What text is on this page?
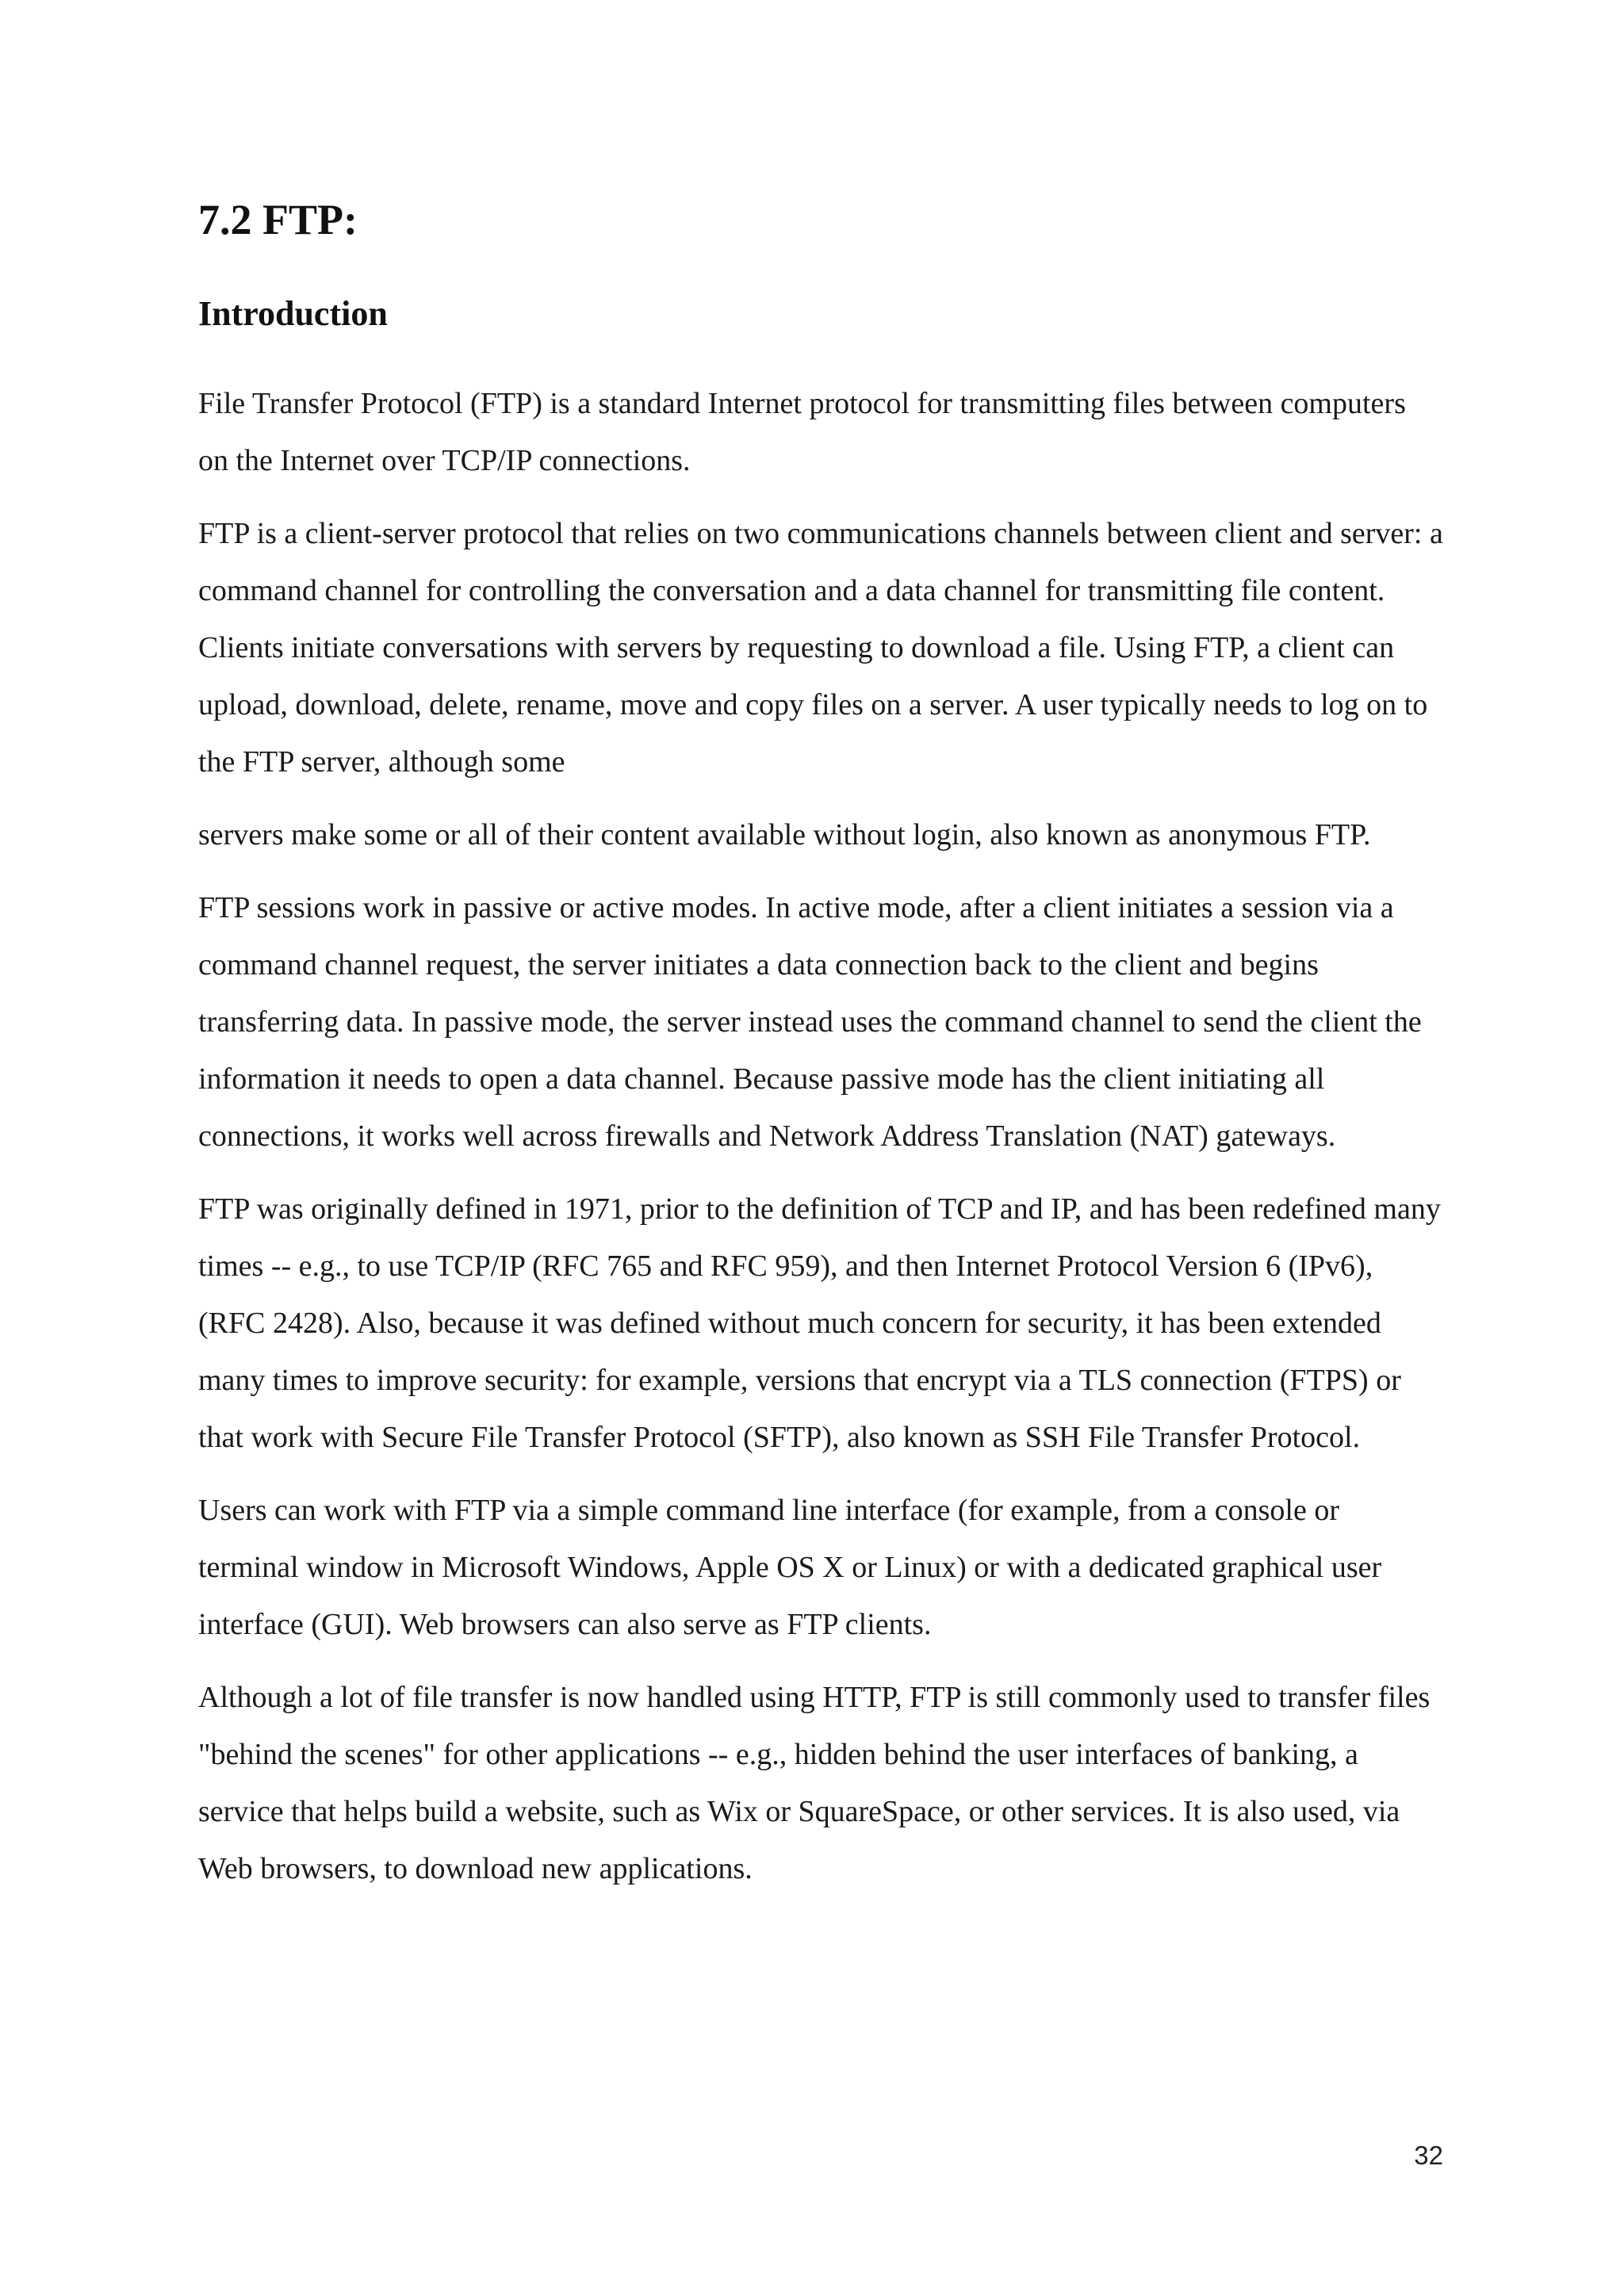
7.2 FTP:
Introduction

File Transfer Protocol (FTP) is a standard Internet protocol for transmitting files between computers on the Internet over TCP/IP connections.

FTP is a client-server protocol that relies on two communications channels between client and server: a command channel for controlling the conversation and a data channel for transmitting file content. Clients initiate conversations with servers by requesting to download a file. Using FTP, a client can upload, download, delete, rename, move and copy files on a server. A user typically needs to log on to the FTP server, although some

servers make some or all of their content available without login, also known as anonymous FTP.

FTP sessions work in passive or active modes. In active mode, after a client initiates a session via a command channel request, the server initiates a data connection back to the client and begins transferring data. In passive mode, the server instead uses the command channel to send the client the information it needs to open a data channel. Because passive mode has the client initiating all connections, it works well across firewalls and Network Address Translation (NAT) gateways.

FTP was originally defined in 1971, prior to the definition of TCP and IP, and has been redefined many times -- e.g., to use TCP/IP (RFC 765 and RFC 959), and then Internet Protocol Version 6 (IPv6), (RFC 2428). Also, because it was defined without much concern for security, it has been extended many times to improve security: for example, versions that encrypt via a TLS connection (FTPS) or that work with Secure File Transfer Protocol (SFTP), also known as SSH File Transfer Protocol.

Users can work with FTP via a simple command line interface (for example, from a console or terminal window in Microsoft Windows, Apple OS X or Linux) or with a dedicated graphical user interface (GUI). Web browsers can also serve as FTP clients.

Although a lot of file transfer is now handled using HTTP, FTP is still commonly used to transfer files "behind the scenes" for other applications -- e.g., hidden behind the user interfaces of banking, a service that helps build a website, such as Wix or SquareSpace, or other services. It is also used, via Web browsers, to download new applications.

32
